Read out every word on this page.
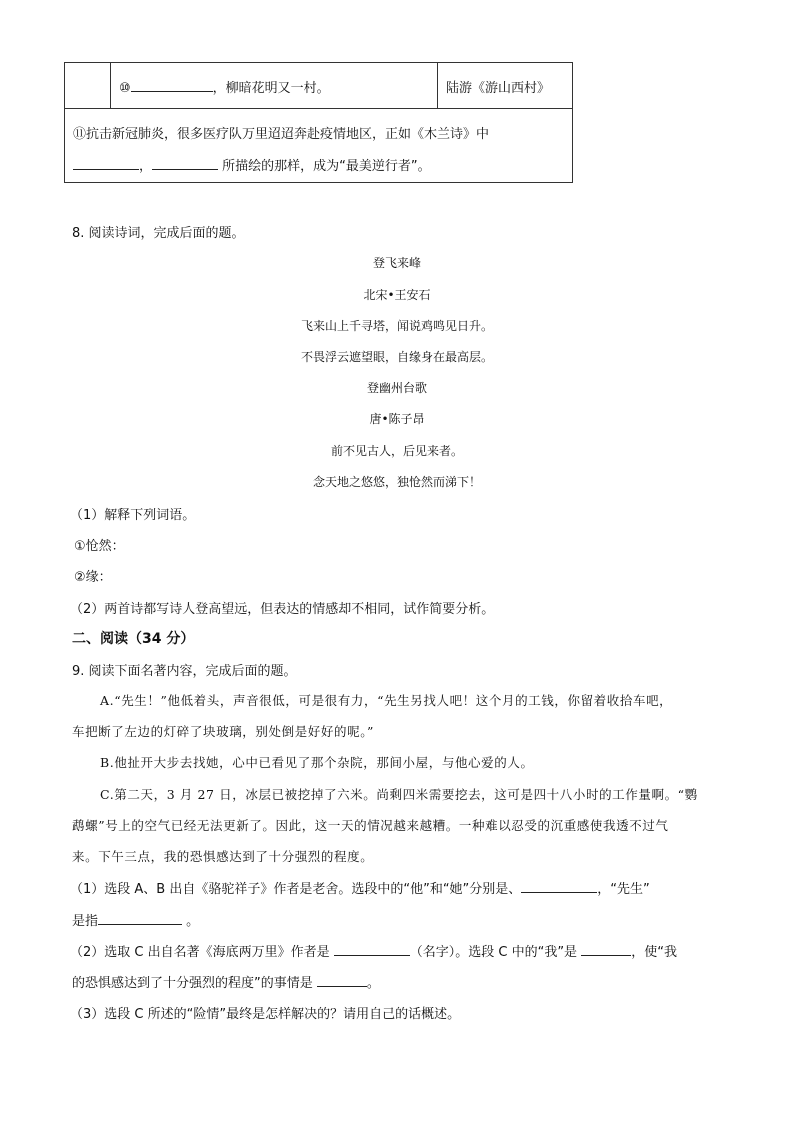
⑩	，柳暗花明又一村。	陆游《游山西村》
⑪抗击新冠肺炎，很多医疗队万里迢迢奔赴疫情地区，正如《木兰诗》中
，	所描绘的那样，成为“最美逆行者”。
8. 阅读诗词，完成后面的题。
登飞来峰
北宋•王安石
飞来山上千寻塔，闻说鸡鸣见日升。
不畏浮云遮望眼，自缘身在最高层。
登幽州台歌
唐•陈子昂
前不见古人，后见来者。
念天地之悠悠，独怆然而涕下！
（1）解释下列词语。
①怆然：
②缘：
（2）两首诗都写诗人登高望远，但表达的情感却不相同，试作简要分析。
二、阅读（34 分）
9. 阅读下面名著内容，完成后面的题。
A.“先生！”他低着头，声音很低，可是很有力，“先生另找人吧！这个月的工钱，你留着收拾车吧，
车把断了左边的灯碎了块玻璃，别处倒是好好的呢。”
B.他扯开大步去找她，心中已看见了那个杂院，那间小屋，与他心爱的人。
C.第二天，3 月 27 日，冰层已被挖掉了六米。尚剩四米需要挖去，这可是四十八小时的工作量啊。“鹦
鹉螺”号上的空气已经无法更新了。因此，这一天的情况越来越糟。一种难以忍受的沉重感使我透不过气
来。下午三点，我的恐惧感达到了十分强烈的程度。
（1）选段 A、B 出自《骆驼祥子》作者是老舍。选段中的“他”和“她”分别是、	，“先生”
是指	。
（2）选取 C 出自名著《海底两万里》作者是	（名字）。选段 C 中的“我”是	，使“我
的恐惧感达到了十分强烈的程度”的事情是	。
（3）选段 C 所述的“险情”最终是怎样解决的？请用自己的话概述。
